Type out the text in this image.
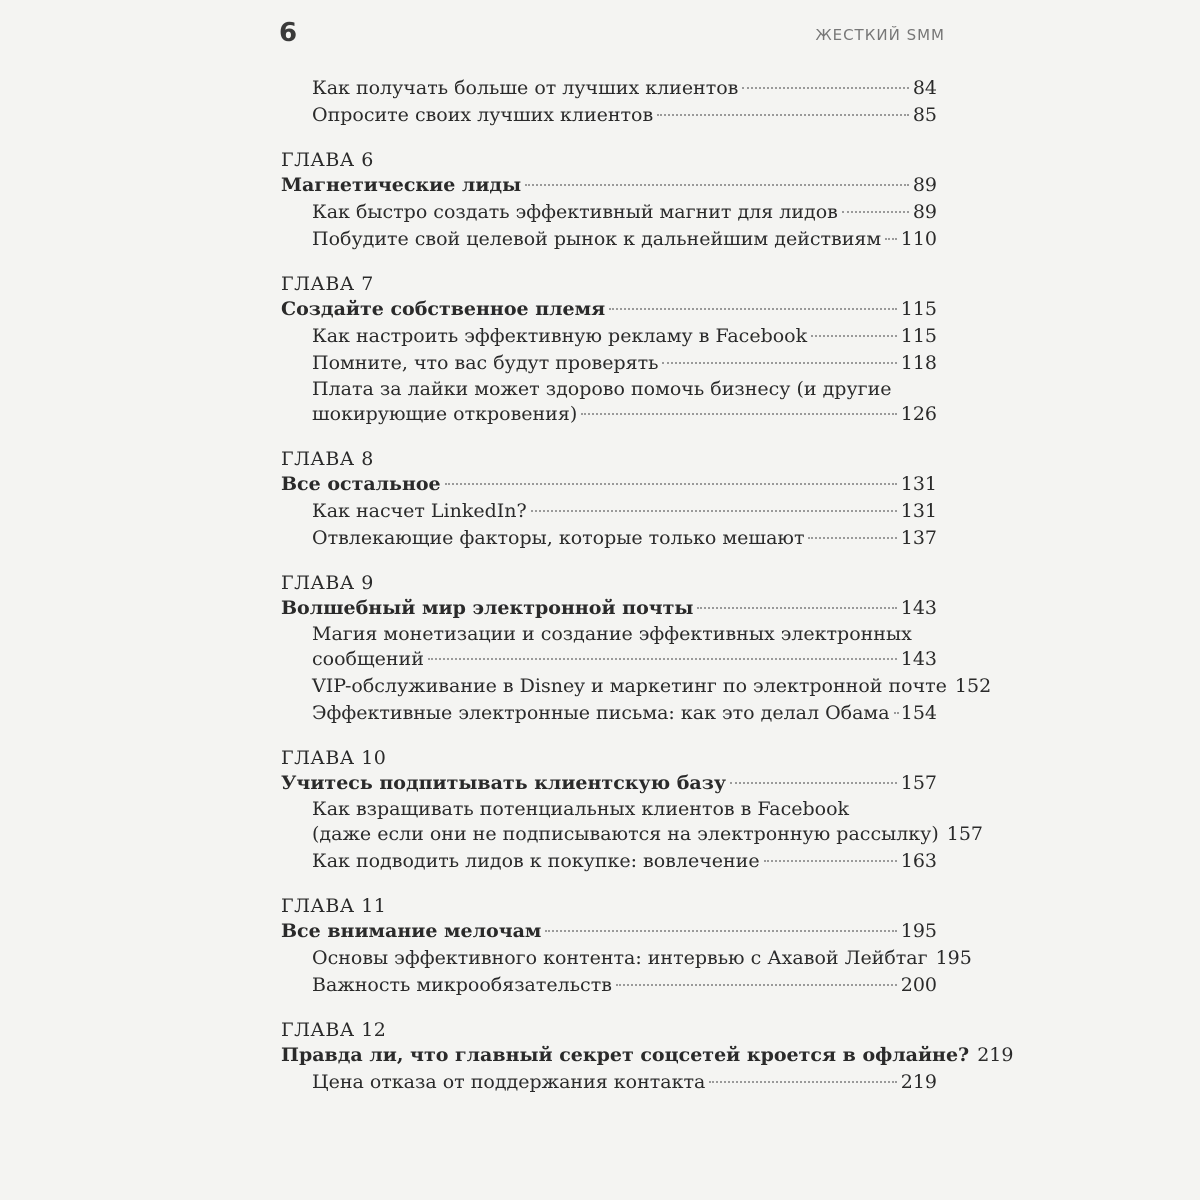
6	ЖЕСТКИЙ SMM
Как получать больше от лучших клиентов	84
Опросите своих лучших клиентов	85
ГЛАВА 6
Магнетические лиды	89
Как быстро создать эффективный магнит для лидов	89
Побудите свой целевой рынок к дальнейшим действиям 110
ГЛАВА 7
Создайте собственное племя	115
Как настроить эффективную рекламу в Facebook	115
Помните, что вас будут проверять	118
Плата за лайки может здорово помочь бизнесу (и другие
шокирующие откровения)	126
ГЛАВА 8
Все остальное	131
Как насчет LinkedIn?	131
Отвлекающие факторы, которые только мешают	137
ГЛАВА 9
Волшебный мир электронной почты	143
Магия монетизации и создание эффективных электронных
сообщений	143
VIP-обслуживание в Disney и маркетинг по электронной почте 152
Эффективные электронные письма: как это делал Обама 154
ГЛАВА 10
Учитесь подпитывать клиентскую базу	157
Как взращивать потенциальных клиентов в Facebook
(даже если они не подписываются на электронную рассылку) 157
Как подводить лидов к покупке: вовлечение	163
ГЛАВА 11
Все внимание мелочам	195
Основы эффективного контента: интервью с Ахавой Лейбтаг 195
Важность микрообязательств	200
ГЛАВА 12
Правда ли, что главный секрет соцсетей кроется в офлайне? 219
Цена отказа от поддержания контакта	219
